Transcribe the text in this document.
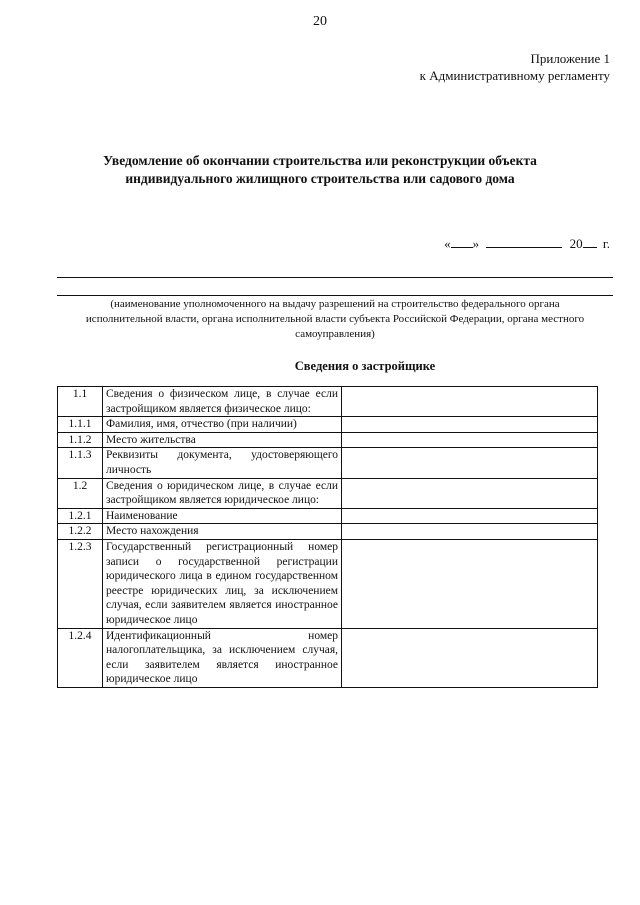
20
Приложение 1
к Административному регламенту
Уведомление об окончании строительства или реконструкции объекта
индивидуального жилищного строительства или садового дома
« »	20 г.
(наименование уполномоченного на выдачу разрешений на строительство федерального органа
исполнительной власти, органа исполнительной власти субъекта Российской Федерации, органа местного
самоуправления)
Сведения о застройщике
1.1	Сведения о физическом лице, в случае если застройщиком является физическое лицо:	
1.1.1	Фамилия, имя, отчество (при наличии)	
1.1.2	Место жительства	
1.1.3	Реквизиты документа, удостоверяющего личность	
1.2	Сведения о юридическом лице, в случае если застройщиком является юридическое лицо:	
1.2.1	Наименование	
1.2.2	Место нахождения	
1.2.3	Государственный регистрационный номер записи о государственной регистрации юридического лица в едином государственном реестре юридических лиц, за исключением случая, если заявителем является иностранное юридическое лицо	
1.2.4	Идентификационный номер налогоплательщика, за исключением случая, если заявителем является иностранное юридическое лицо	
